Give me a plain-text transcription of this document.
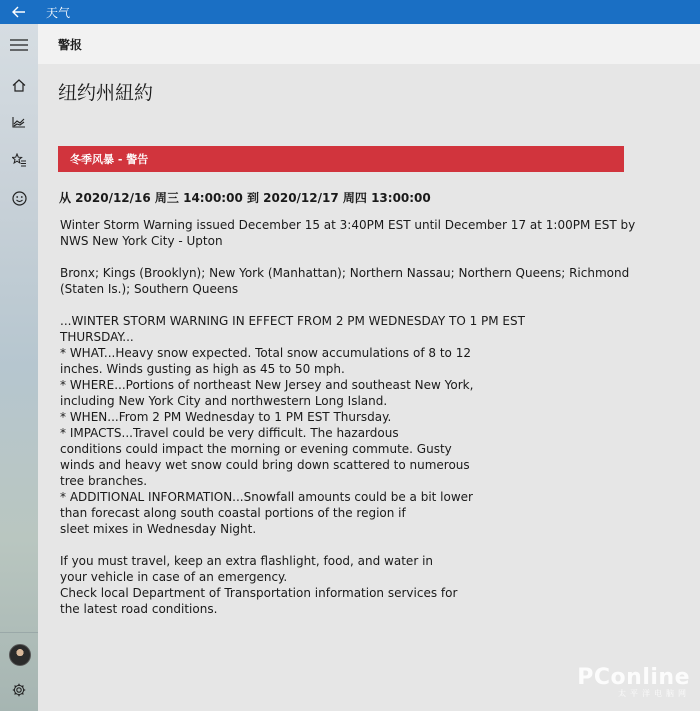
天气
警报
纽约州紐約
冬季风暴 - 警告
从 2020/12/16 周三 14:00:00 到 2020/12/17 周四 13:00:00
Winter Storm Warning issued December 15 at 3:40PM EST until December 17 at 1:00PM EST by NWS New York City - Upton

Bronx; Kings (Brooklyn); New York (Manhattan); Northern Nassau; Northern Queens; Richmond (Staten Is.); Southern Queens

...WINTER STORM WARNING IN EFFECT FROM 2 PM WEDNESDAY TO 1 PM EST
THURSDAY...
* WHAT...Heavy snow expected. Total snow accumulations of 8 to 12
inches. Winds gusting as high as 45 to 50 mph.
* WHERE...Portions of northeast New Jersey and southeast New York,
including New York City and northwestern Long Island.
* WHEN...From 2 PM Wednesday to 1 PM EST Thursday.
* IMPACTS...Travel could be very difficult. The hazardous
conditions could impact the morning or evening commute. Gusty
winds and heavy wet snow could bring down scattered to numerous
tree branches.
* ADDITIONAL INFORMATION...Snowfall amounts could be a bit lower
than forecast along south coastal portions of the region if
sleet mixes in Wednesday Night.

If you must travel, keep an extra flashlight, food, and water in
your vehicle in case of an emergency.
Check local Department of Transportation information services for
the latest road conditions.
PConline
太平洋电脑网
